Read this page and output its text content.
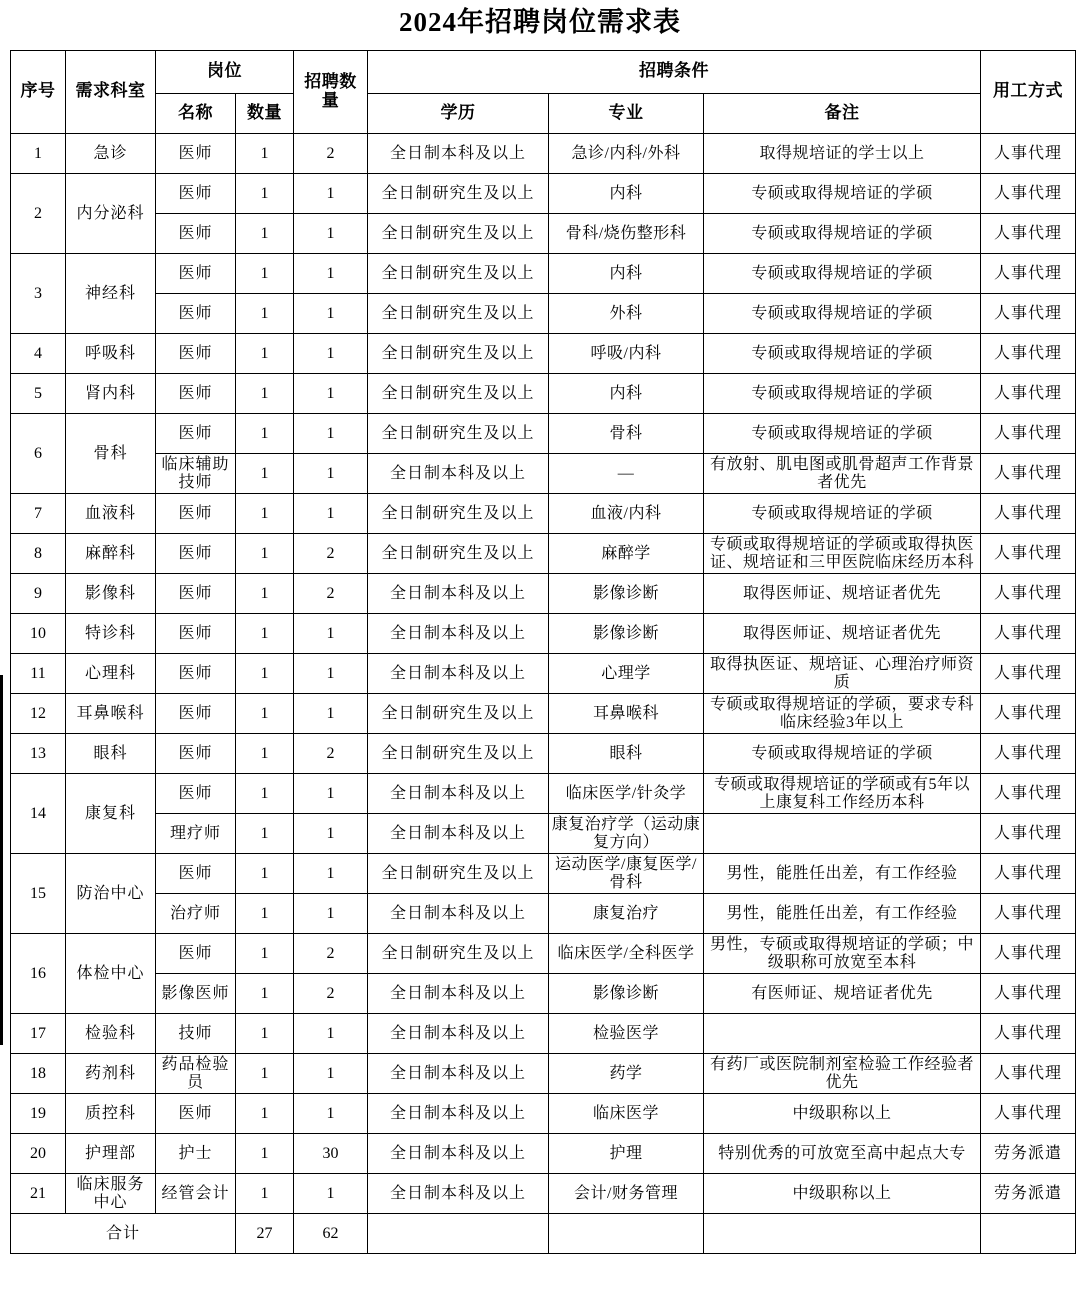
2024年招聘岗位需求表
序号	需求科室	岗位		招聘数量	招聘条件			用工方式
		名称	数量		学历	专业	备注	
1	急诊	医师	1	2	全日制本科及以上	急诊/内科/外科	取得规培证的学士以上	人事代理
2	内分泌科	医师	1	1	全日制研究生及以上	内科	专硕或取得规培证的学硕	人事代理
		医师	1	1	全日制研究生及以上	骨科/烧伤整形科	专硕或取得规培证的学硕	人事代理
3	神经科	医师	1	1	全日制研究生及以上	内科	专硕或取得规培证的学硕	人事代理
		医师	1	1	全日制研究生及以上	外科	专硕或取得规培证的学硕	人事代理
4	呼吸科	医师	1	1	全日制研究生及以上	呼吸/内科	专硕或取得规培证的学硕	人事代理
5	肾内科	医师	1	1	全日制研究生及以上	内科	专硕或取得规培证的学硕	人事代理
6	骨科	医师	1	1	全日制研究生及以上	骨科	专硕或取得规培证的学硕	人事代理
		临床辅助技师	1	1	全日制本科及以上	—	有放射、肌电图或肌骨超声工作背景者优先	人事代理
7	血液科	医师	1	1	全日制研究生及以上	血液/内科	专硕或取得规培证的学硕	人事代理
8	麻醉科	医师	1	2	全日制研究生及以上	麻醉学	专硕或取得规培证的学硕或取得执医证、规培证和三甲医院临床经历本科	人事代理
9	影像科	医师	1	2	全日制本科及以上	影像诊断	取得医师证、规培证者优先	人事代理
10	特诊科	医师	1	1	全日制本科及以上	影像诊断	取得医师证、规培证者优先	人事代理
11	心理科	医师	1	1	全日制本科及以上	心理学	取得执医证、规培证、心理治疗师资质	人事代理
12	耳鼻喉科	医师	1	1	全日制研究生及以上	耳鼻喉科	专硕或取得规培证的学硕，要求专科临床经验3年以上	人事代理
13	眼科	医师	1	2	全日制研究生及以上	眼科	专硕或取得规培证的学硕	人事代理
14	康复科	医师	1	1	全日制本科及以上	临床医学/针灸学	专硕或取得规培证的学硕或有5年以上康复科工作经历本科	人事代理
		理疗师	1	1	全日制本科及以上	康复治疗学（运动康复方向）		人事代理
15	防治中心	医师	1	1	全日制研究生及以上	运动医学/康复医学/骨科	男性，能胜任出差，有工作经验	人事代理
		治疗师	1	1	全日制本科及以上	康复治疗	男性，能胜任出差，有工作经验	人事代理
16	体检中心	医师	1	2	全日制研究生及以上	临床医学/全科医学	男性，专硕或取得规培证的学硕；中级职称可放宽至本科	人事代理
		影像医师	1	2	全日制本科及以上	影像诊断	有医师证、规培证者优先	人事代理
17	检验科	技师	1	1	全日制本科及以上	检验医学		人事代理
18	药剂科	药品检验员	1	1	全日制本科及以上	药学	有药厂或医院制剂室检验工作经验者优先	人事代理
19	质控科	医师	1	1	全日制本科及以上	临床医学	中级职称以上	人事代理
20	护理部	护士	1	30	全日制本科及以上	护理	特别优秀的可放宽至高中起点大专	劳务派遣
21	临床服务中心	经管会计	1	1	全日制本科及以上	会计/财务管理	中级职称以上	劳务派遣
合计			27	62				
